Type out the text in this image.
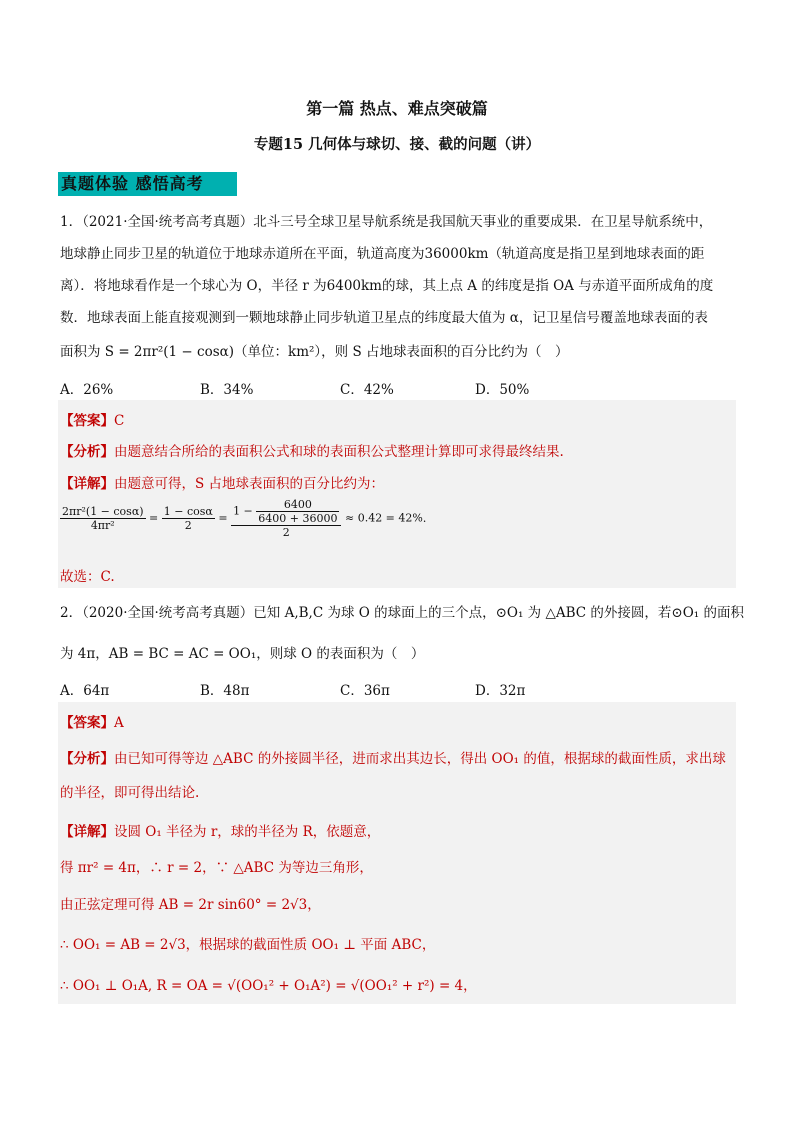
第一篇 热点、难点突破篇
专题15 几何体与球切、接、截的问题（讲）
真题体验 感悟高考
1．（2021·全国·统考高考真题）北斗三号全球卫星导航系统是我国航天事业的重要成果．在卫星导航系统中，
地球静止同步卫星的轨道位于地球赤道所在平面，轨道高度为36000km（轨道高度是指卫星到地球表面的距
离）．将地球看作是一个球心为 O，半径 r 为6400km的球，其上点 A 的纬度是指 OA 与赤道平面所成角的度
数．地球表面上能直接观测到一颗地球静止同步轨道卫星点的纬度最大值为 α，记卫星信号覆盖地球表面的表
面积为 S = 2πr²(1 − cosα)（单位：km²），则 S 占地球表面积的百分比约为（　）
A．26%	B．34%	C．42%	D．50%
【答案】C
【分析】由题意结合所给的表面积公式和球的表面积公式整理计算即可求得最终结果.
【详解】由题意可得，S 占地球表面积的百分比约为：
$\frac{\text{2πr²(1 − cosα)}}{\text{4πr²}} = \frac{1 - \cos\alpha}{2} = \frac{1 - \frac{6400}{6400 + 36000}}{2} \approx 0.42 = 42\%$．
故选：C.
2．（2020·全国·统考高考真题）已知 A,B,C 为球 O 的球面上的三个点，⊙O₁ 为 △ABC 的外接圆，若⊙O₁ 的面积
为 4π，AB = BC = AC = OO₁，则球 O 的表面积为（　）
A．64π	B．48π	C．36π	D．32π
【答案】A
【分析】由已知可得等边 △ABC 的外接圆半径，进而求出其边长，得出 OO₁ 的值，根据球的截面性质，求出球
的半径，即可得出结论.
【详解】设圆 O₁ 半径为 r，球的半径为 R，依题意，
得 πr² = 4π，∴ r = 2，∵ △ABC 为等边三角形，
由正弦定理可得 AB = 2r sin60° = 2√3，
∴ OO₁ = AB = 2√3，根据球的截面性质 OO₁ ⊥ 平面 ABC，
∴ OO₁ ⊥ O₁A, R = OA = √(OO₁² + O₁A²) = √(OO₁² + r²) = 4，
